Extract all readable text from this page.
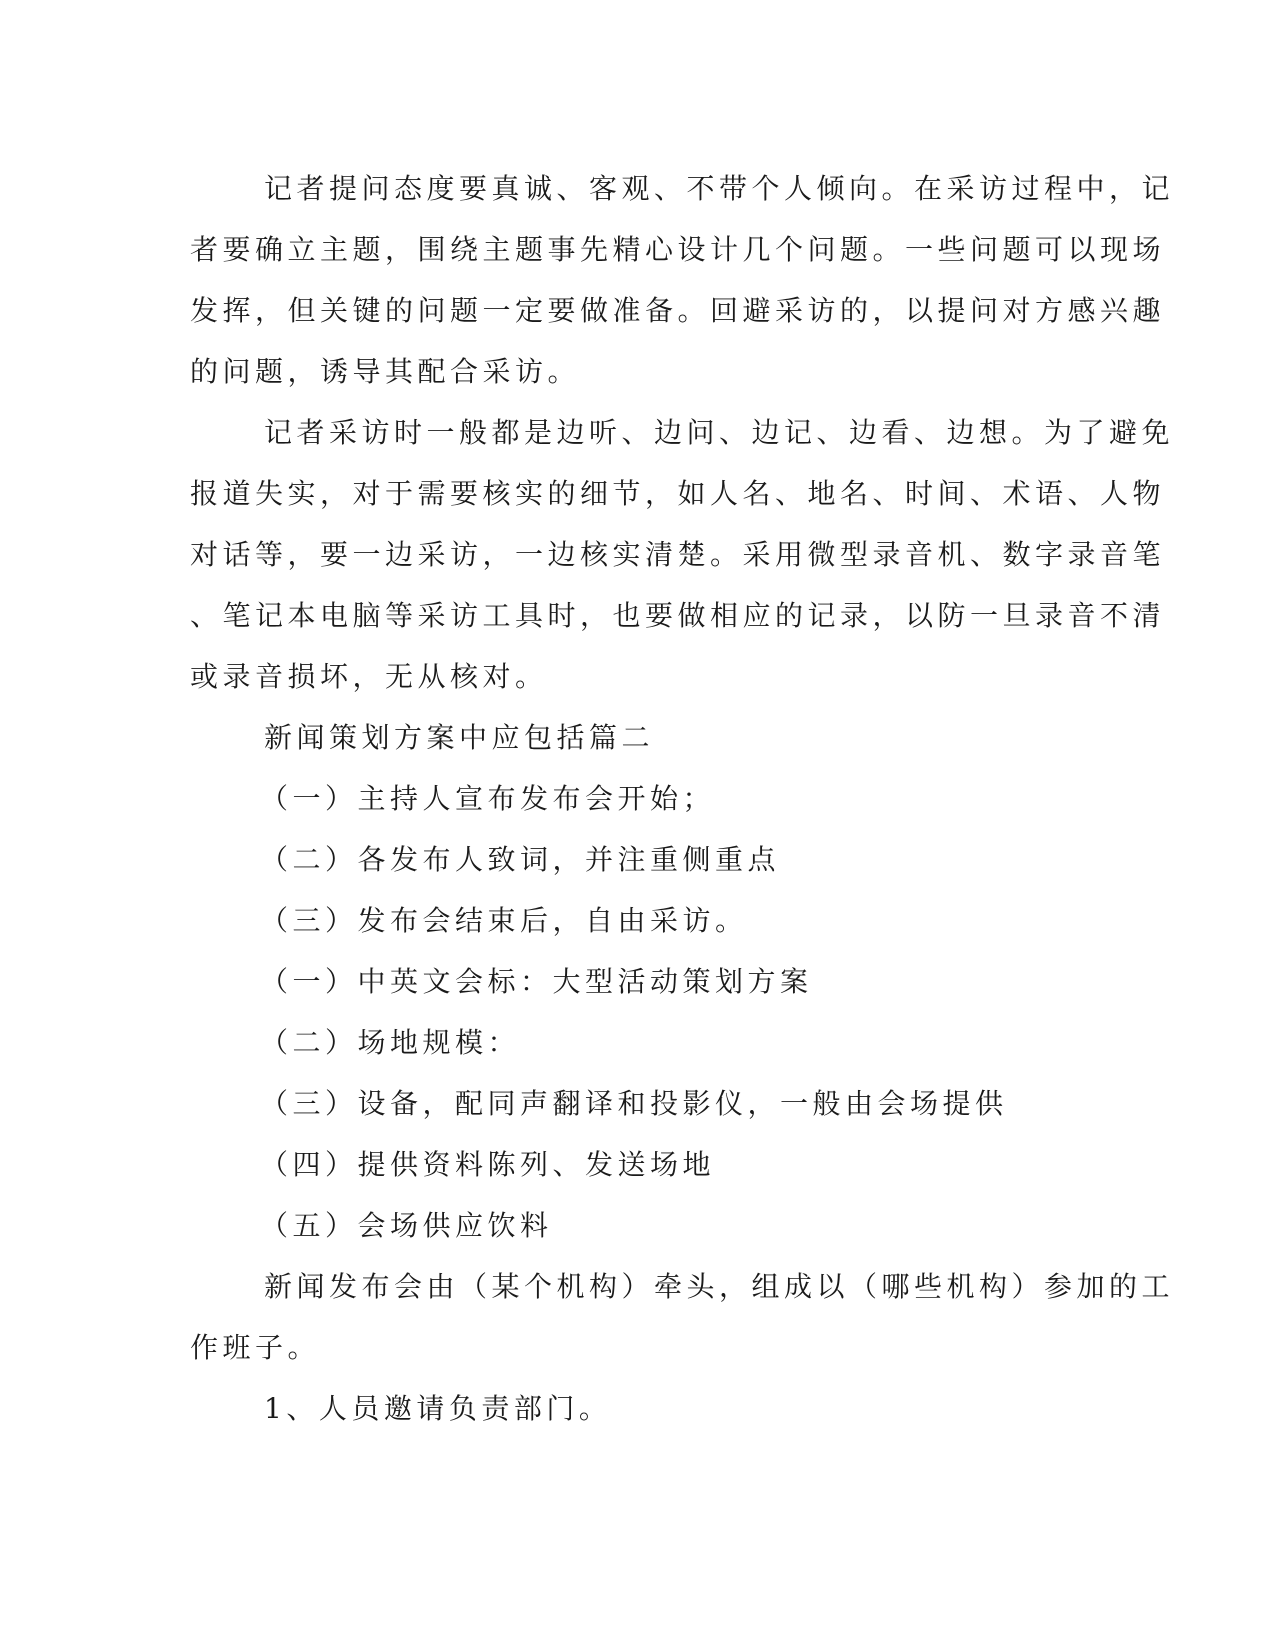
记者提问态度要真诚、客观、不带个人倾向。在采访过程中，记
者要确立主题，围绕主题事先精心设计几个问题。一些问题可以现场
发挥，但关键的问题一定要做准备。回避采访的，以提问对方感兴趣
的问题，诱导其配合采访。
记者采访时一般都是边听、边问、边记、边看、边想。为了避免
报道失实，对于需要核实的细节，如人名、地名、时间、术语、人物
对话等，要一边采访，一边核实清楚。采用微型录音机、数字录音笔
、笔记本电脑等采访工具时，也要做相应的记录，以防一旦录音不清
或录音损坏，无从核对。
新闻策划方案中应包括篇二
（一）主持人宣布发布会开始；
（二）各发布人致词，并注重侧重点
（三）发布会结束后，自由采访。
（一）中英文会标：大型活动策划方案
（二）场地规模：
（三）设备，配同声翻译和投影仪，一般由会场提供
（四）提供资料陈列、发送场地
（五）会场供应饮料
新闻发布会由（某个机构）牵头，组成以（哪些机构）参加的工
作班子。
1、人员邀请负责部门。
